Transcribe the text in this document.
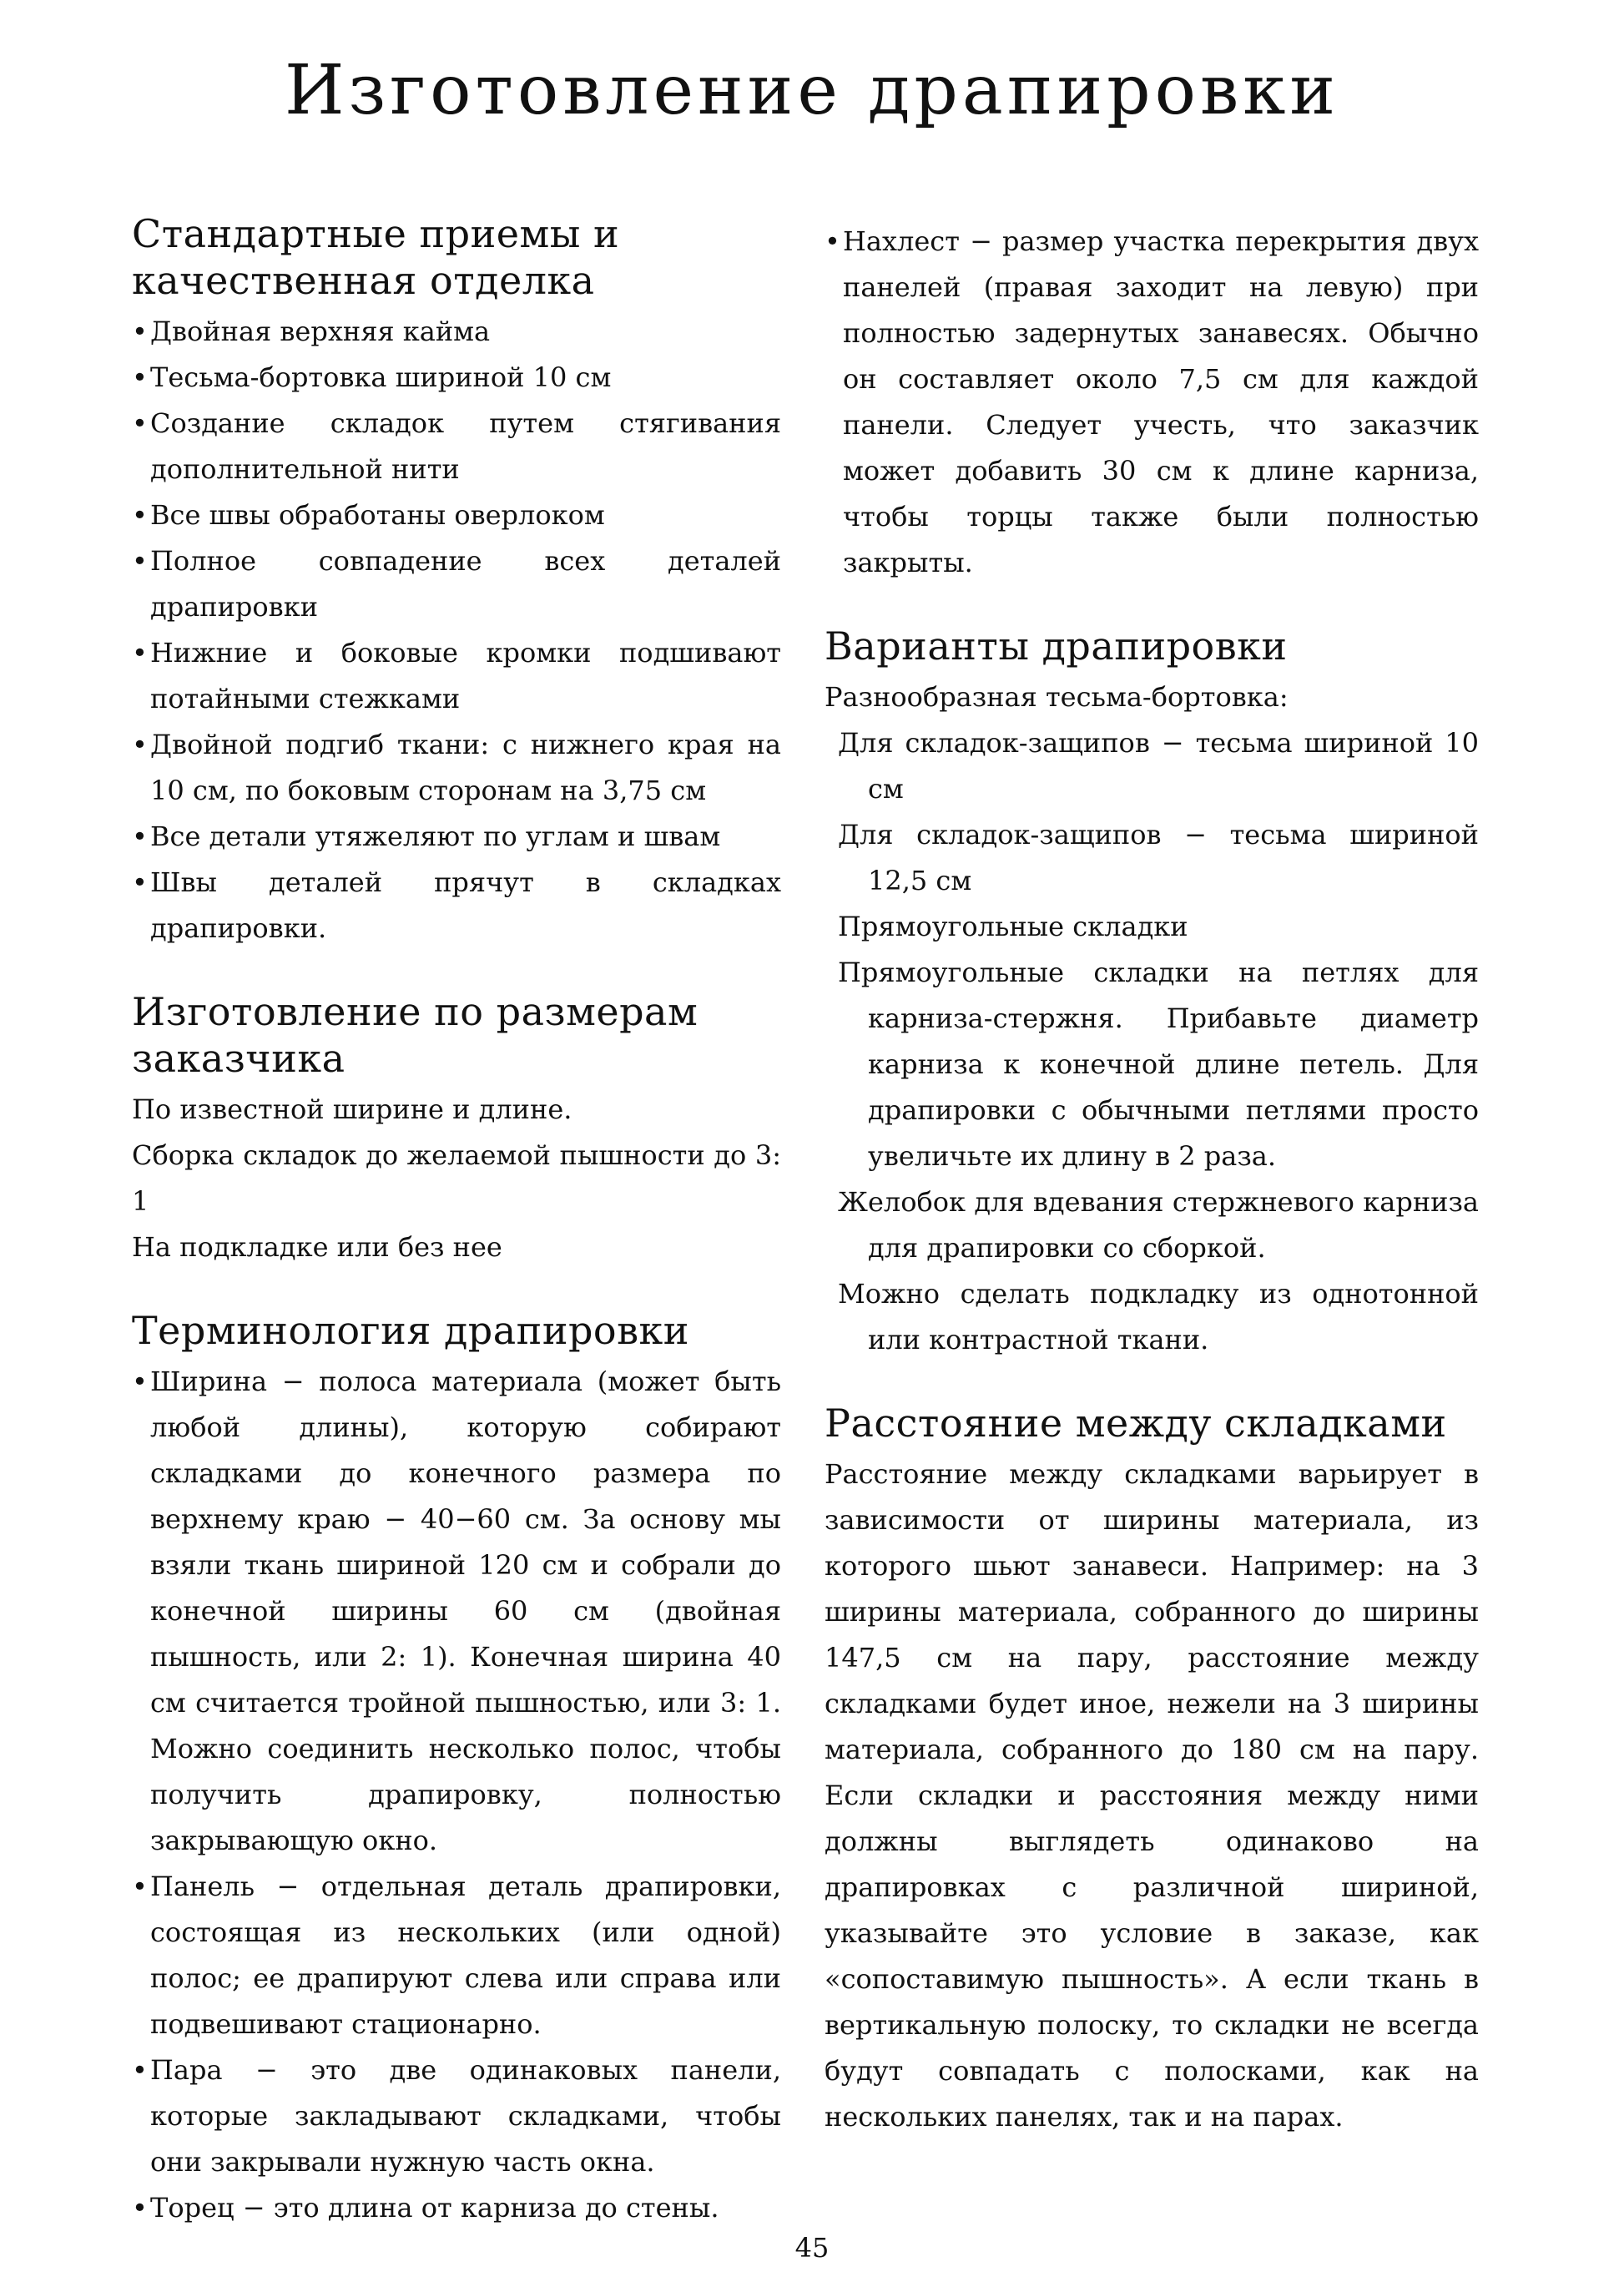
Изготовление драпировки
Стандартные приемы и качественная отделка
• Двойная верхняя кайма
• Тесьма-бортовка шириной 10 см
• Создание складок путем стягивания дополнительной нити
• Все швы обработаны оверлоком
• Полное совпадение всех деталей драпировки
• Нижние и боковые кромки подшивают потайными стежками
• Двойной подгиб ткани: с нижнего края на 10 см, по боковым сторонам на 3,75 см
• Все детали утяжеляют по углам и швам
• Швы деталей прячут в складках драпировки.
Изготовление по размерам заказчика

По известной ширине и длине.

Сборка складок до желаемой пышности до 3: 1

На подкладке или без нее

Терминология драпировки
• Ширина − полоса материала (может быть любой длины), которую собирают складками до конечного размера по верхнему краю − 40−60 см. За основу мы взяли ткань шириной 120 см и собрали до конечной ширины 60 см (двойная пышность, или 2: 1). Конечная ширина 40 см считается тройной пышностью, или 3: 1. Можно соединить несколько полос, чтобы получить драпировку, полностью закрывающую окно.
• Панель − отдельная деталь драпировки, состоящая из нескольких (или одной) полос; ее драпируют слева или справа или подвешивают стационарно.
• Пара − это две одинаковых панели, которые закладывают складками, чтобы они закрывали нужную часть окна.
• Торец − это длина от карниза до стены.
• Нахлест − размер участка перекрытия двух панелей (правая заходит на левую) при полностью задернутых занавесях. Обычно он составляет около 7,5 см для каждой панели. Следует учесть, что заказчик может добавить 30 см к длине карниза, чтобы торцы также были полностью закрыты.
Варианты драпировки

Разнообразная тесьма-бортовка:

Для складок-защипов − тесьма шириной 10 см
Для складок-защипов − тесьма шириной 12,5 см
Прямоугольные складки
Прямоугольные складки на петлях для карниза-стержня. Прибавьте диаметр карниза к конечной длине петель. Для драпировки с обычными петлями просто увеличьте их длину в 2 раза.
Желобок для вдевания стержневого карниза для драпировки со сборкой.
Можно сделать подкладку из однотонной или контрастной ткани.
Расстояние между складками

Расстояние между складками варьирует в зависимости от ширины материала, из которого шьют занавеси. Например: на 3 ширины материала, собранного до ширины 147,5 см на пару, расстояние между складками будет иное, нежели на 3 ширины материала, собранного до 180 см на пару. Если складки и расстояния между ними должны выглядеть одинаково на драпировках с различной шириной, указывайте это условие в заказе, как «сопоставимую пышность». А если ткань в вертикальную полоску, то складки не всегда будут совпадать с полосками, как на нескольких панелях, так и на парах.

45
